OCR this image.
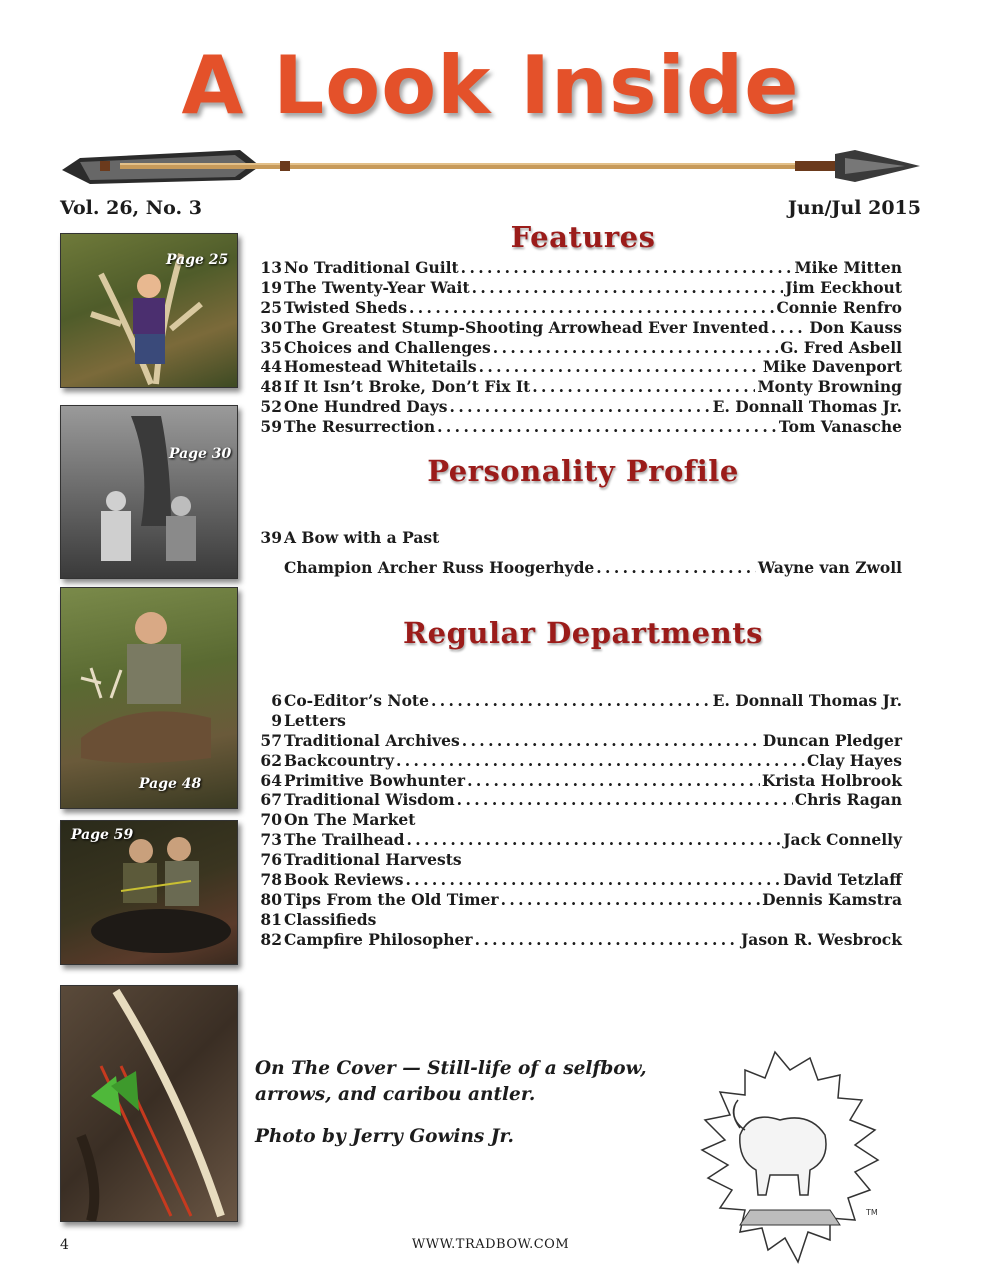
A Look Inside
Vol. 26, No. 3	Jun/Jul 2015
Features
13 No Traditional Guilt . . .	Mike Mitten
19 The Twenty-Year Wait . . .	Jim Eeckhout
25 Twisted Sheds . . .	Connie Renfro
30 The Greatest Stump-Shooting Arrowhead Ever Invented . . .	Don Kauss
35 Choices and Challenges . . .	G. Fred Asbell
44 Homestead Whitetails . . .	Mike Davenport
48 If It Isn’t Broke, Don’t Fix It . . .	Monty Browning
52 One Hundred Days . . .	E. Donnall Thomas Jr.
59 The Resurrection . . .	Tom Vanasche
Personality Profile
39 A Bow with a Past
Champion Archer Russ Hoogerhyde . . .	Wayne van Zwoll
Regular Departments
6 Co-Editor’s Note . . .	E. Donnall Thomas Jr.
9 Letters
57 Traditional Archives . . .	Duncan Pledger
62 Backcountry . . .	Clay Hayes
64 Primitive Bowhunter . . .	Krista Holbrook
67 Traditional Wisdom . . .	Chris Ragan
70 On The Market
73 The Trailhead . . .	Jack Connelly
76 Traditional Harvests
78 Book Reviews . . .	David Tetzlaff
80 Tips From the Old Timer . . .	Dennis Kamstra
81 Classifieds
82 Campfire Philosopher . . .	Jason R. Wesbrock
Page 25
Page 30
Page 48
Page 59
On The Cover — Still-life of a selfbow, arrows, and caribou antler.
Photo by Jerry Gowins Jr.
TM
4	WWW.TRADBOW.COM
